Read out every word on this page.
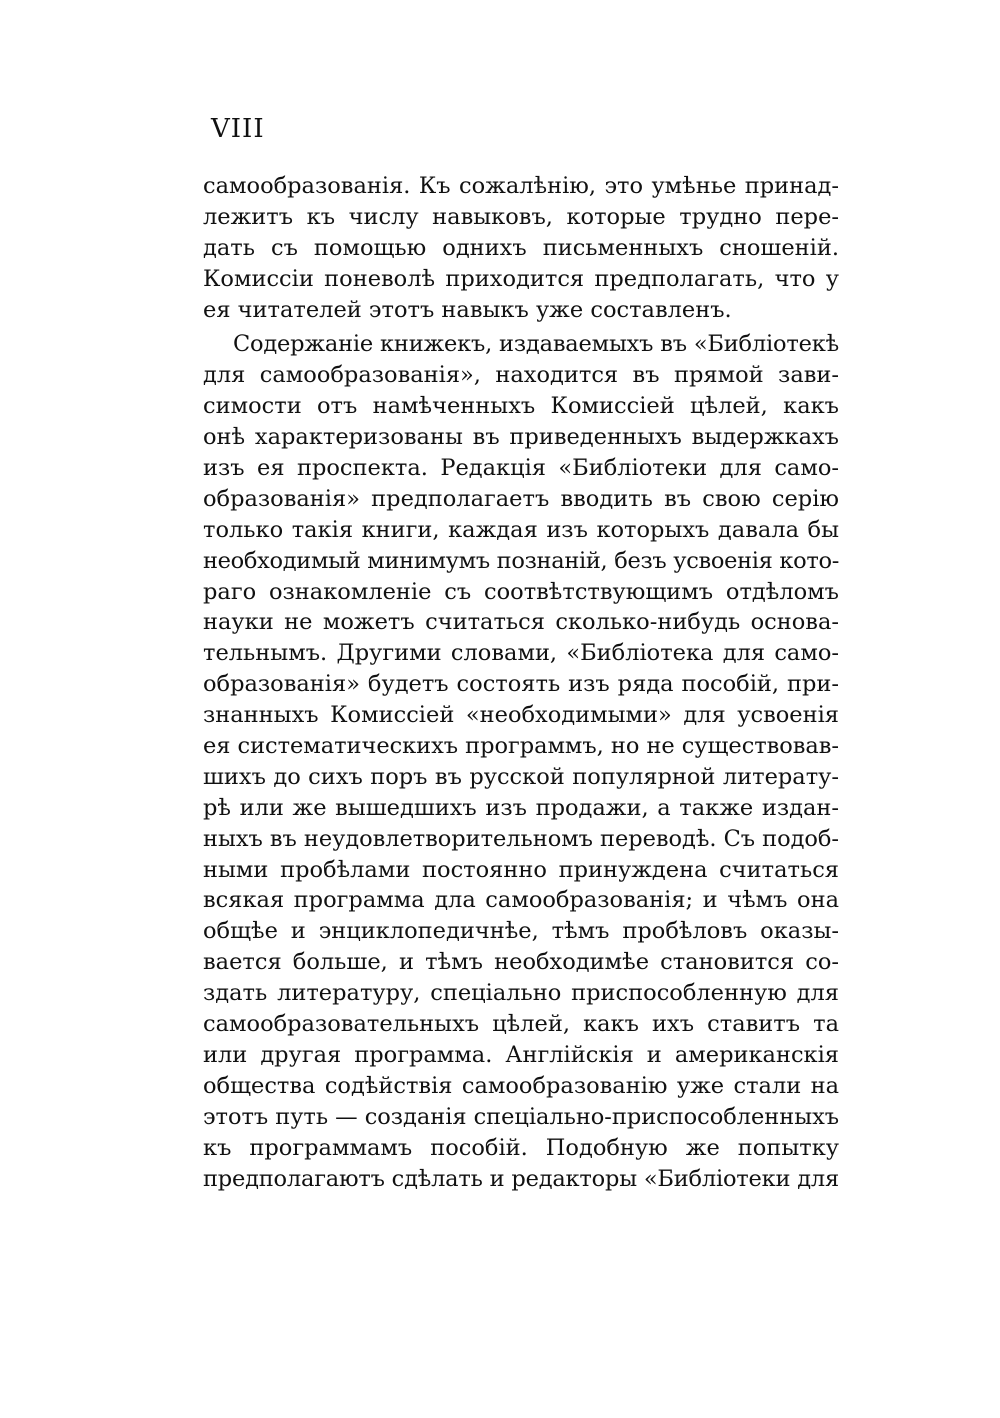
VIII
самообразованія. Къ сожалѣнію, это умѣнье принад-
лежитъ къ числу навыковъ, которые трудно пере-
дать съ помощью однихъ письменныхъ сношеній.
Комиссіи поневолѣ приходится предполагать, что у
ея читателей этотъ навыкъ уже составленъ.
Содержаніе книжекъ, издаваемыхъ въ «Библіотекѣ
для самообразованія», находится въ прямой зави-
симости отъ намѣченныхъ Комиссіей цѣлей, какъ
онѣ характеризованы въ приведенныхъ выдержкахъ
изъ ея проспекта. Редакція «Библіотеки для само-
образованія» предполагаетъ вводить въ свою серію
только такія книги, каждая изъ которыхъ давала бы
необходимый минимумъ познаній, безъ усвоенія кото-
раго ознакомленіе съ соотвѣтствующимъ отдѣломъ
науки не можетъ считаться сколько-нибудь основа-
тельнымъ. Другими словами, «Библіотека для само-
образованія» будетъ состоять изъ ряда пособій, при-
знанныхъ Комиссіей «необходимыми» для усвоенія
ея систематическихъ программъ, но не существовав-
шихъ до сихъ поръ въ русской популярной литерату-
рѣ или же вышедшихъ изъ продажи, а также издан-
ныхъ въ неудовлетворительномъ переводѣ. Съ подоб-
ными пробѣлами постоянно принуждена считаться
всякая программа дла самообразованія; и чѣмъ она
общѣе и энциклопедичнѣе, тѣмъ пробѣловъ оказы-
вается больше, и тѣмъ необходимѣе становится со-
здать литературу, спеціально приспособленную для
самообразовательныхъ цѣлей, какъ ихъ ставитъ та
или другая программа. Англійскія и американскія
общества содѣйствія самообразованію уже стали на
этотъ путь — созданія спеціально-приспособленныхъ
къ программамъ пособій. Подобную же попытку
предполагаютъ сдѣлать и редакторы «Библіотеки для
